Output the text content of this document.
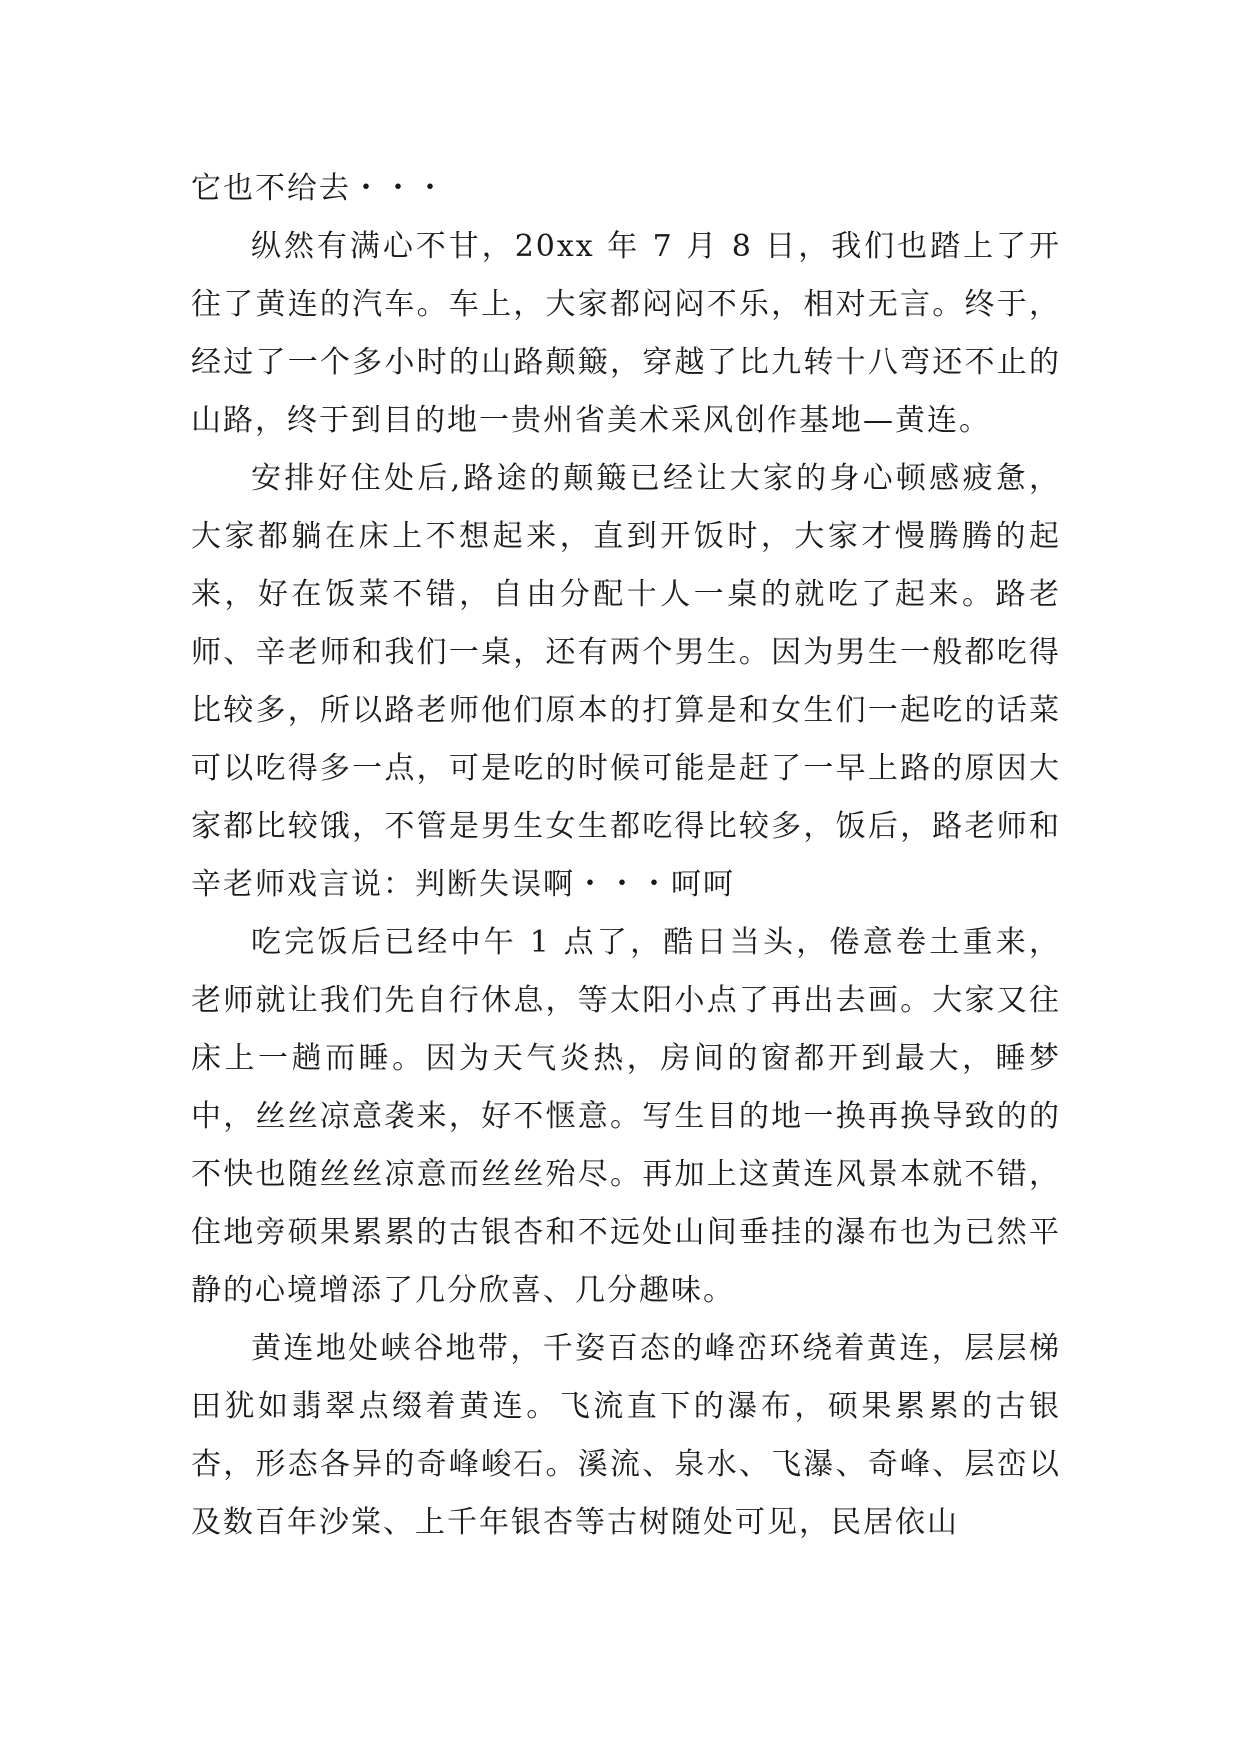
它也不给去・・・

纵然有满心不甘，20xx 年 7 月 8 日，我们也踏上了开往了黄连的汽车。车上，大家都闷闷不乐，相对无言。终于，经过了一个多小时的山路颠簸，穿越了比九转十八弯还不止的山路，终于到目的地一贵州省美术采风创作基地—黄连。

安排好住处后,路途的颠簸已经让大家的身心顿感疲惫，大家都躺在床上不想起来，直到开饭时，大家才慢腾腾的起来，好在饭菜不错，自由分配十人一桌的就吃了起来。路老师、辛老师和我们一桌，还有两个男生。因为男生一般都吃得比较多，所以路老师他们原本的打算是和女生们一起吃的话菜可以吃得多一点，可是吃的时候可能是赶了一早上路的原因大家都比较饿，不管是男生女生都吃得比较多，饭后，路老师和辛老师戏言说：判断失误啊・・・呵呵

吃完饭后已经中午 1 点了，酷日当头，倦意卷土重来，老师就让我们先自行休息，等太阳小点了再出去画。大家又往床上一趟而睡。因为天气炎热，房间的窗都开到最大，睡梦中，丝丝凉意袭来，好不惬意。写生目的地一换再换导致的的不快也随丝丝凉意而丝丝殆尽。再加上这黄连风景本就不错，住地旁硕果累累的古银杏和不远处山间垂挂的瀑布也为已然平静的心境增添了几分欣喜、几分趣味。

黄连地处峡谷地带，千姿百态的峰峦环绕着黄连，层层梯田犹如翡翠点缀着黄连。飞流直下的瀑布，硕果累累的古银杏，形态各异的奇峰峻石。溪流、泉水、飞瀑、奇峰、层峦以及数百年沙棠、上千年银杏等古树随处可见，民居依山
